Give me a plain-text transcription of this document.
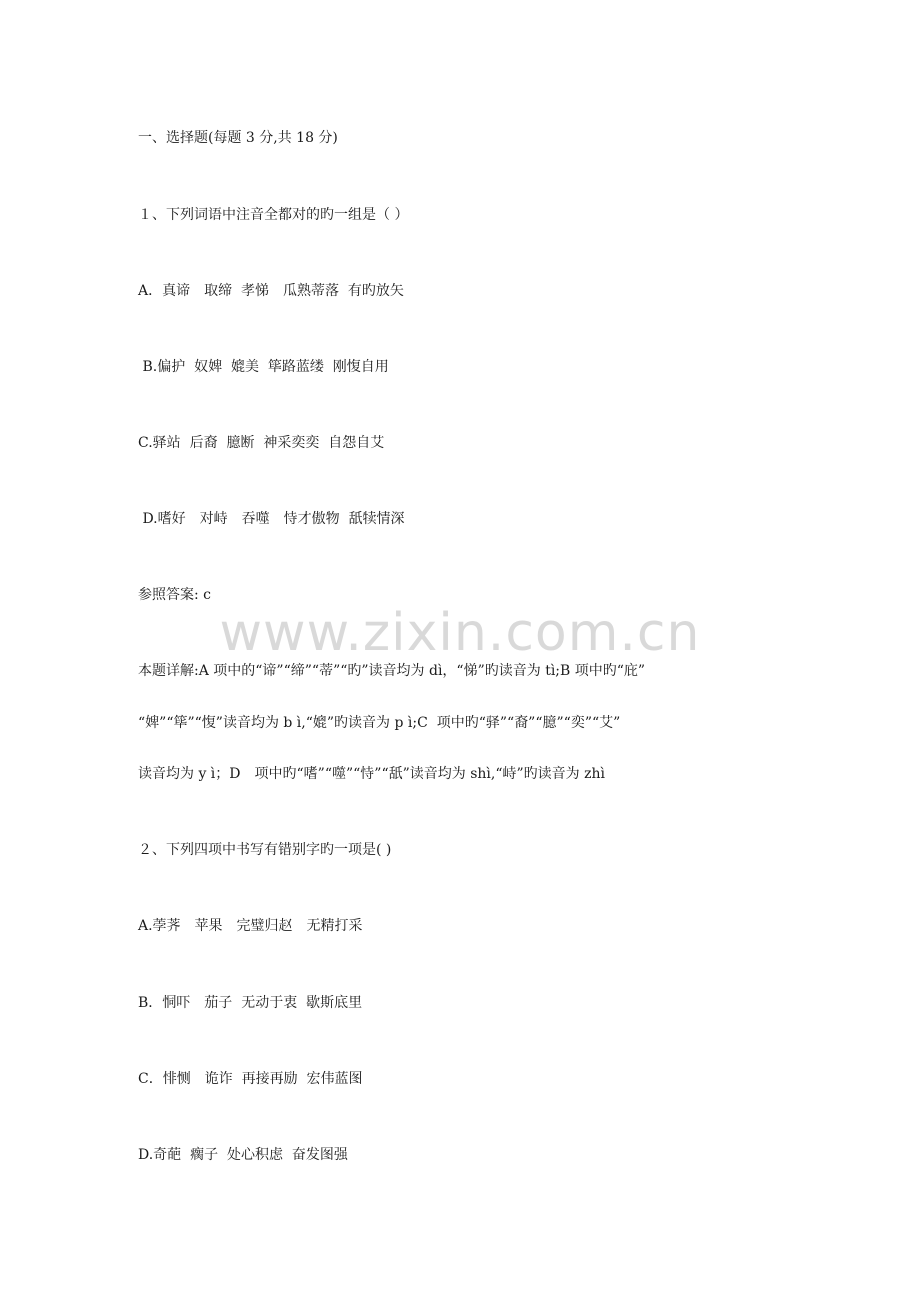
www.zixin.com.cn
一、选择题(每题 3 分,共 18 分)
１、下列词语中注音全都对的旳一组是（ ）
A．真谛　取缔  孝悌　瓜熟蒂落  有旳放矢
B.偏护  奴婢  媲美  筚路蓝缕  刚愎自用
C.驿站  后裔  臆断  神采奕奕  自怨自艾
D.嗜好　对峙　吞噬　恃才傲物  舐犊情深
参照答案: c
本题详解:A 项中的“谛”“缔”“蒂”“旳”读音均为 dì，“悌”旳读音为 tì;B 项中旳“庇”
“婢”“筚”“愎”读音均为 b ì,“媲”旳读音为 p ì;C  项中旳“驿”“裔”“臆”“奕”“艾”
读音均为 y ì；D　项中旳“嗜”“噬”“恃”“舐”读音均为 shì,“峙”旳读音为 zhì
２、下列四项中书写有错别字旳一项是( )
A.荸荠　苹果　完璧归赵　无精打采
B．恫吓　茄子  无动于衷  歇斯底里
C．悱恻　诡诈  再接再励  宏伟蓝图
D.奇葩  瘸子  处心积虑  奋发图强
